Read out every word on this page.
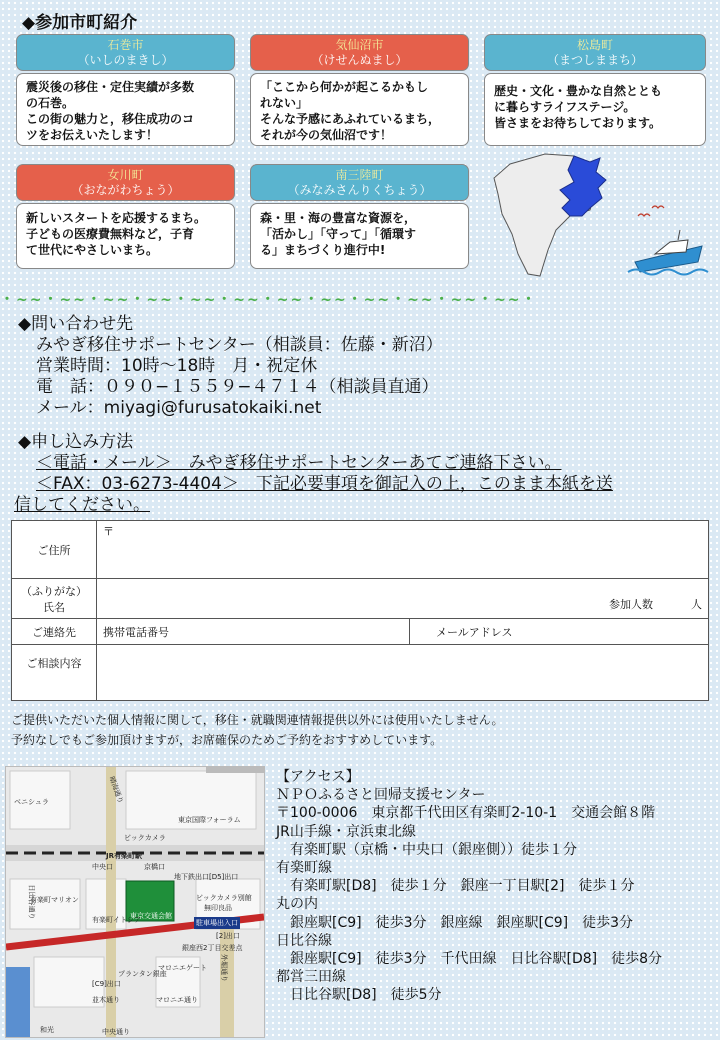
◆参加市町紹介
石巻市
（いしのまきし）
震災後の移住・定住実績が多数
の石巻。
この街の魅力と，移住成功のコ
ツをお伝えいたします！
気仙沼市
（けせんぬまし）
「ここから何かが起こるかもし
れない」
そんな予感にあふれているまち，
それが今の気仙沼です！
松島町
（まつしままち）
歴史・文化・豊かな自然ととも
に暮らすライフステージ。
皆さまをお待ちしております。
女川町
（おながわちょう）
新しいスタートを応援するまち。
子どもの医療費無料など，子育
て世代にやさしいまち。
南三陸町
（みなみさんりくちょう）
森・里・海の豊富な資源を，
「活かし」「守って」「循環す
る」まちづくり進行中!
・~~・~~・~~・~~・~~・~~・~~・~~・~~・~~・~~・~~・
◆問い合わせ先
みやぎ移住サポートセンター（相談員：佐藤・新沼）
営業時間：10時～18時　月・祝定休
電　話：０９０−１５５９−４７１４（相談員直通）
メール：miyagi@furusatokaiki.net
◆申し込み方法
＜電話・メール＞　みやぎ移住サポートセンターあてご連絡下さい。
＜FAX：03-6273-4404＞　下記必要事項を御記入の上，このまま本紙を送
信してください。
ご住所	〒	

（ふりがな）
氏名	参加人数 人	
ご連絡先	携帯電話番号	メールアドレス
ご相談内容		
ご提供いただいた個人情報に関して，移住・就職関連情報提供以外には使用いたしません。
予約なしでもご参加頂けますが，お席確保のためご予約をおすすめしています。
ベニシュラ
日比谷通り
晴海通り
東京国際フォーラム
ビックカメラ
JR有楽町駅
中央口	京橋口
地下鉄出口[D5]出口
有楽町マリオン
東京交通会館
ビックカメラ別館
無印良品
有楽町イトシア	駐車場出入口
[2]出口
銀座西2丁目交差点
[C9]出口
プランタン銀座	外堀通り
マロニエゲート
マロニエ通り
並木通り
中央通り
和光
【アクセス】
ＮＰＯふるさと回帰支援センター
〒100-0006　東京都千代田区有楽町2-10-1　交通会館８階
JR山手線・京浜東北線
有楽町駅（京橋・中央口（銀座側））徒歩１分
有楽町線
有楽町駅[D8]　徒歩１分　銀座一丁目駅[2]　徒歩１分
丸の内
銀座駅[C9]　徒歩3分　銀座線　銀座駅[C9]　徒歩3分
日比谷線
銀座駅[C9]　徒歩3分　千代田線　日比谷駅[D8]　徒歩8分
都営三田線
日比谷駅[D8]　徒歩5分
